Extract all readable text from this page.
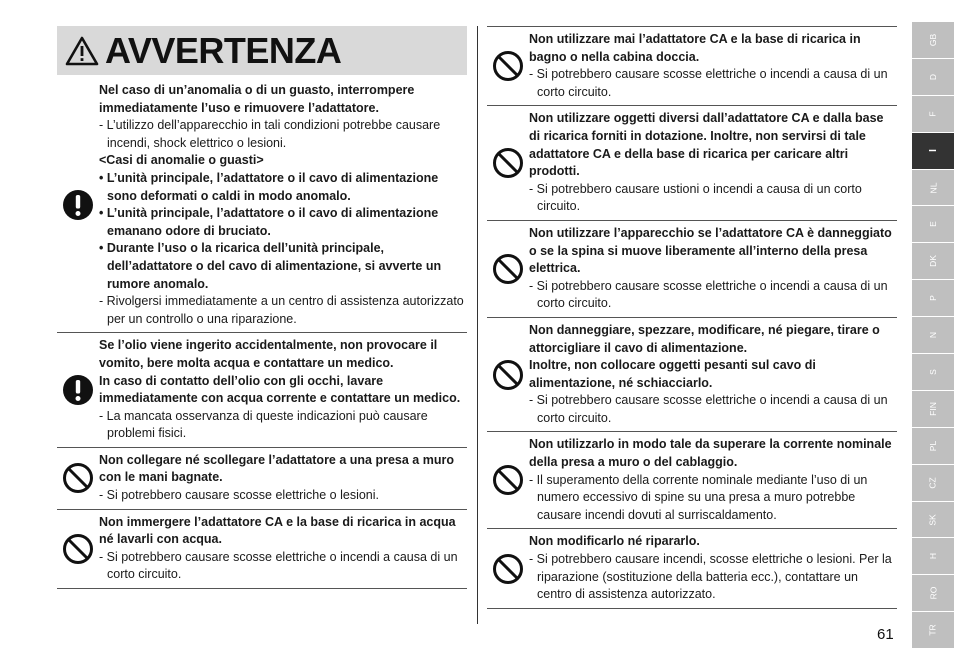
AVVERTENZA
Nel caso di un’anomalia o di un guasto, interrompere immediatamente l’uso e rimuovere l’adattatore.
- L’utilizzo dell’apparecchio in tali condizioni potrebbe causare incendi, shock elettrico o lesioni.
<Casi di anomalie o guasti>
• L’unità principale, l’adattatore o il cavo di alimentazione sono deformati o caldi in modo anomalo.
• L’unità principale, l’adattatore o il cavo di alimentazione emanano odore di bruciato.
• Durante l’uso o la ricarica dell’unità principale, dell’adattatore o del cavo di alimentazione, si avverte un rumore anomalo.
- Rivolgersi immediatamente a un centro di assistenza autorizzato per un controllo o una riparazione.
Se l’olio viene ingerito accidentalmente, non provocare il vomito, bere molta acqua e contattare un medico.
In caso di contatto dell’olio con gli occhi, lavare immediatamente con acqua corrente e contattare un medico.
- La mancata osservanza di queste indicazioni può causare problemi fisici.
Non collegare né scollegare l’adattatore a una presa a muro con le mani bagnate.
- Si potrebbero causare scosse elettriche o lesioni.
Non immergere l’adattatore CA e la base di ricarica in acqua né lavarli con acqua.
- Si potrebbero causare scosse elettriche o incendi a causa di un corto circuito.
Non utilizzare mai l’adattatore CA e la base di ricarica in bagno o nella cabina doccia.
- Si potrebbero causare scosse elettriche o incendi a causa di un corto circuito.
Non utilizzare oggetti diversi dall’adattatore CA e dalla base di ricarica forniti in dotazione. Inoltre, non servirsi di tale adattatore CA e della base di ricarica per caricare altri prodotti.
- Si potrebbero causare ustioni o incendi a causa di un corto circuito.
Non utilizzare l’apparecchio se l’adattatore CA è danneggiato o se la spina si muove liberamente all’interno della presa elettrica.
- Si potrebbero causare scosse elettriche o incendi a causa di un corto circuito.
Non danneggiare, spezzare, modificare, né piegare, tirare o attorcigliare il cavo di alimentazione.
Inoltre, non collocare oggetti pesanti sul cavo di alimentazione, né schiacciarlo.
- Si potrebbero causare scosse elettriche o incendi a causa di un corto circuito.
Non utilizzarlo in modo tale da superare la corrente nominale della presa a muro o del cablaggio.
- Il superamento della corrente nominale mediante l’uso di un numero eccessivo di spine su una presa a muro potrebbe causare incendi dovuti al surriscaldamento.
Non modificarlo né ripararlo.
- Si potrebbero causare incendi, scosse elettriche o lesioni. Per la riparazione (sostituzione della batteria ecc.), contattare un centro di assistenza autorizzato.
GB
D
F
I
NL
E
DK
P
N
S
FIN
PL
CZ
SK
H
RO
TR
61
